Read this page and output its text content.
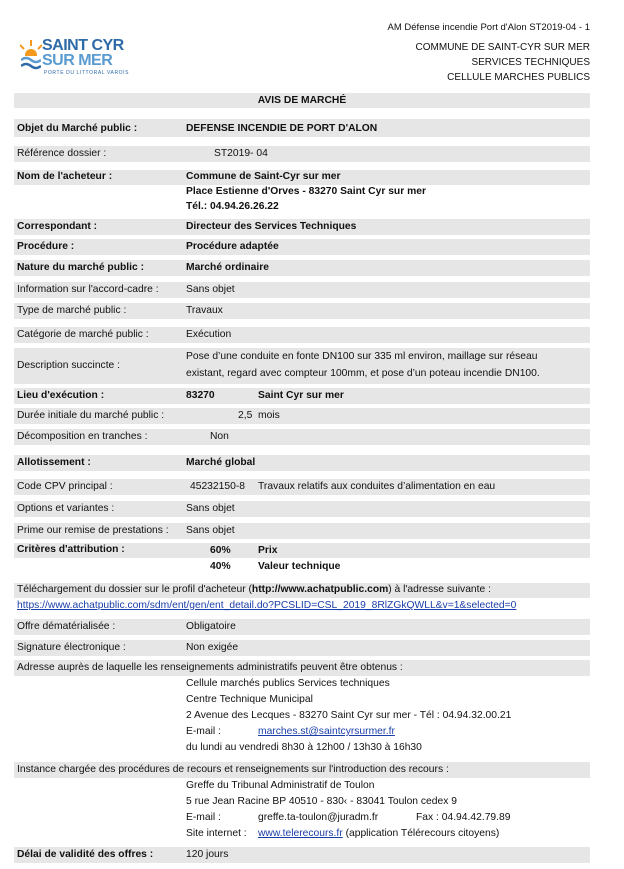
AM Défense incendie Port d'Alon ST2019-04 - 1
COMMUNE DE SAINT-CYR SUR MER
SERVICES TECHNIQUES
CELLULE MARCHES PUBLICS
SAINT CYR
SUR MER
PORTE DU LITTORAL VAROIS
AVIS DE MARCHÉ
Objet du Marché public :	DEFENSE INCENDIE DE PORT D'ALON
Référence dossier :	ST2019- 04
Nom de l'acheteur :	Commune de Saint-Cyr sur mer
Place Estienne d'Orves - 83270 Saint Cyr sur mer
Tél.: 04.94.26.26.22
Correspondant :	Directeur des Services Techniques
Procédure :	Procédure adaptée
Nature du marché public :	Marché ordinaire
Information sur l'accord-cadre :	Sans objet
Type de marché public :	Travaux
Catégorie de marché public :	Exécution
Description succincte :
Pose d’une conduite en fonte DN100 sur 335 ml environ, maillage sur réseau
existant, regard avec compteur 100mm, et pose d’un poteau incendie DN100.
Lieu d'exécution :	83270	Saint Cyr sur mer
Durée initiale du marché public :	2,5 mois
Décomposition en tranches :	Non
Allotissement :	Marché global
Code CPV principal :	45232150-8 Travaux relatifs aux conduites d’alimentation en eau
Options et variantes :	Sans objet
Prime our remise de prestations : Sans objet
Critères d'attribution :	60%	Prix
40%	Valeur technique
Téléchargement du dossier sur le profil d'acheteur (http://www.achatpublic.com) à l'adresse suivante :
https://www.achatpublic.com/sdm/ent/gen/ent_detail.do?PCSLID=CSL_2019_8RlZGkQWLL&v=1&selected=0
Offre dématérialisée :	Obligatoire
Signature électronique :	Non exigée
Adresse auprès de laquelle les renseignements administratifs peuvent être obtenus :
Cellule marchés publics Services techniques
Centre Technique Municipal
2 Avenue des Lecques - 83270 Saint Cyr sur mer - Tél : 04.94.32.00.21
E-mail :	marches.st@saintcyrsurmer.fr
du lundi au vendredi 8h30 à 12h00 / 13h30 à 16h30
Instance chargée des procédures de recours et renseignements sur l'introduction des recours :
Greffe du Tribunal Administratif de Toulon
5 rue Jean Racine BP 40510 - 830‹ - 83041 Toulon cedex 9
E-mail :	greffe.ta-toulon@juradm.fr	Fax : 04.94.42.79.89
Site internet : www.telerecours.fr (application Télérecours citoyens)
Délai de validité des offres :	120 jours
